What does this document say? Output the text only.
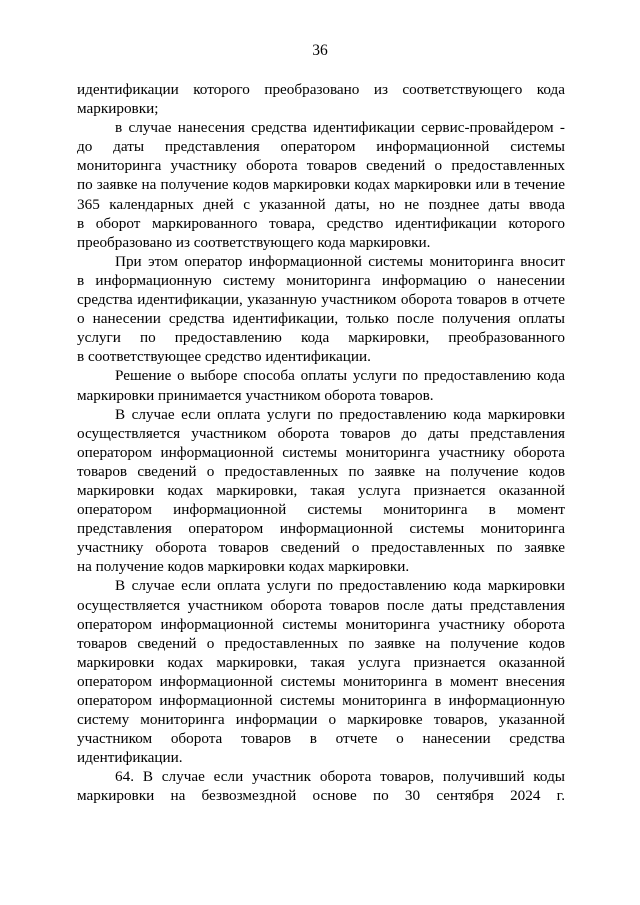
36
идентификации которого преобразовано из соответствующего кода
маркировки;
в случае нанесения средства идентификации сервис-провайдером -
до даты представления оператором информационной системы
мониторинга участнику оборота товаров сведений о предоставленных
по заявке на получение кодов маркировки кодах маркировки или в течение
365 календарных дней с указанной даты, но не позднее даты ввода
в оборот маркированного товара, средство идентификации которого
преобразовано из соответствующего кода маркировки.
При этом оператор информационной системы мониторинга вносит
в информационную систему мониторинга информацию о нанесении
средства идентификации, указанную участником оборота товаров в отчете
о нанесении средства идентификации, только после получения оплаты
услуги по предоставлению кода маркировки, преобразованного
в соответствующее средство идентификации.
Решение о выборе способа оплаты услуги по предоставлению кода
маркировки принимается участником оборота товаров.
В случае если оплата услуги по предоставлению кода маркировки
осуществляется участником оборота товаров до даты представления
оператором информационной системы мониторинга участнику оборота
товаров сведений о предоставленных по заявке на получение кодов
маркировки кодах маркировки, такая услуга признается оказанной
оператором информационной системы мониторинга в момент
представления оператором информационной системы мониторинга
участнику оборота товаров сведений о предоставленных по заявке
на получение кодов маркировки кодах маркировки.
В случае если оплата услуги по предоставлению кода маркировки
осуществляется участником оборота товаров после даты представления
оператором информационной системы мониторинга участнику оборота
товаров сведений о предоставленных по заявке на получение кодов
маркировки кодах маркировки, такая услуга признается оказанной
оператором информационной системы мониторинга в момент внесения
оператором информационной системы мониторинга в информационную
систему мониторинга информации о маркировке товаров, указанной
участником оборота товаров в отчете о нанесении средства
идентификации.
64. В случае если участник оборота товаров, получивший коды
маркировки на безвозмездной основе по 30 сентября 2024 г.
